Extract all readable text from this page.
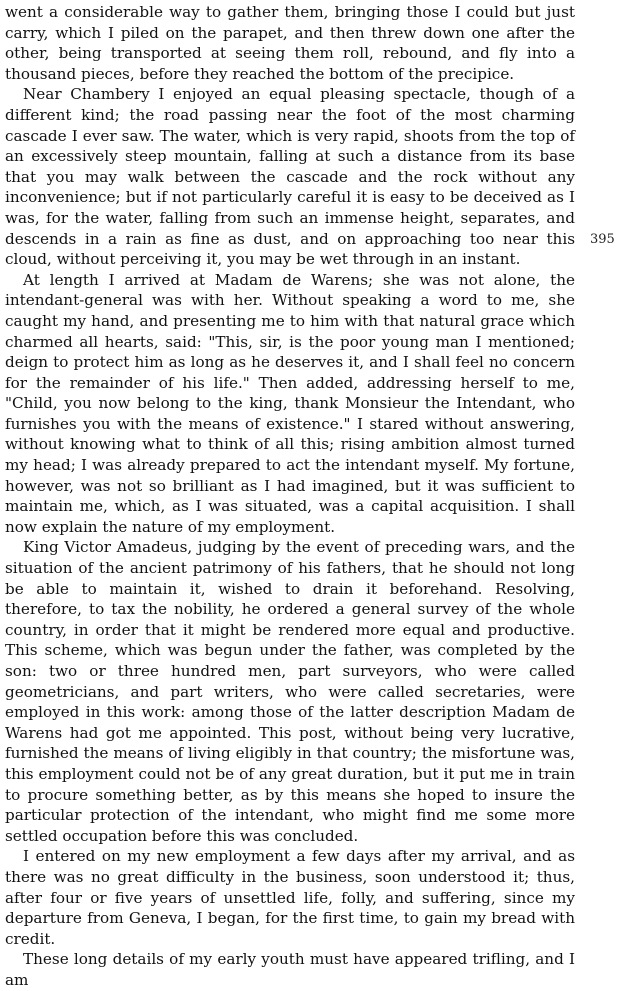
went a considerable way to gather them, bringing those I could but just carry, which I piled on the parapet, and then threw down one after the other, being transported at seeing them roll, rebound, and fly into a thousand pieces, before they reached the bottom of the precipice.

Near Chambery I enjoyed an equal pleasing spectacle, though of a different kind; the road passing near the foot of the most charming cascade I ever saw. The water, which is very rapid, shoots from the top of an excessively steep mountain, falling at such a distance from its base that you may walk between the cascade and the rock without any inconvenience; but if not particularly careful it is easy to be deceived as I was, for the water, falling from such an immense height, separates, and descends in a rain as fine as dust, and on approaching too near this cloud, without perceiving it, you may be wet through in an instant.

At length I arrived at Madam de Warens; she was not alone, the intendant-general was with her. Without speaking a word to me, she caught my hand, and presenting me to him with that natural grace which charmed all hearts, said: "This, sir, is the poor young man I mentioned; deign to protect him as long as he deserves it, and I shall feel no concern for the remainder of his life." Then added, addressing herself to me, "Child, you now belong to the king, thank Monsieur the Intendant, who furnishes you with the means of existence." I stared without answering, without knowing what to think of all this; rising ambition almost turned my head; I was already prepared to act the intendant myself. My fortune, however, was not so brilliant as I had imagined, but it was sufficient to maintain me, which, as I was situated, was a capital acquisition. I shall now explain the nature of my employment.

King Victor Amadeus, judging by the event of preceding wars, and the situation of the ancient patrimony of his fathers, that he should not long be able to maintain it, wished to drain it beforehand. Resolving, therefore, to tax the nobility, he ordered a general survey of the whole country, in order that it might be rendered more equal and productive. This scheme, which was begun under the father, was completed by the son: two or three hundred men, part surveyors, who were called geometricians, and part writers, who were called secretaries, were employed in this work: among those of the latter description Madam de Warens had got me appointed. This post, without being very lucrative, furnished the means of living eligibly in that country; the misfortune was, this employment could not be of any great duration, but it put me in train to procure something better, as by this means she hoped to insure the particular protection of the intendant, who might find me some more settled occupation before this was concluded.

I entered on my new employment a few days after my arrival, and as there was no great difficulty in the business, soon understood it; thus, after four or five years of unsettled life, folly, and suffering, since my departure from Geneva, I began, for the first time, to gain my bread with credit.

These long details of my early youth must have appeared trifling, and I am

395
